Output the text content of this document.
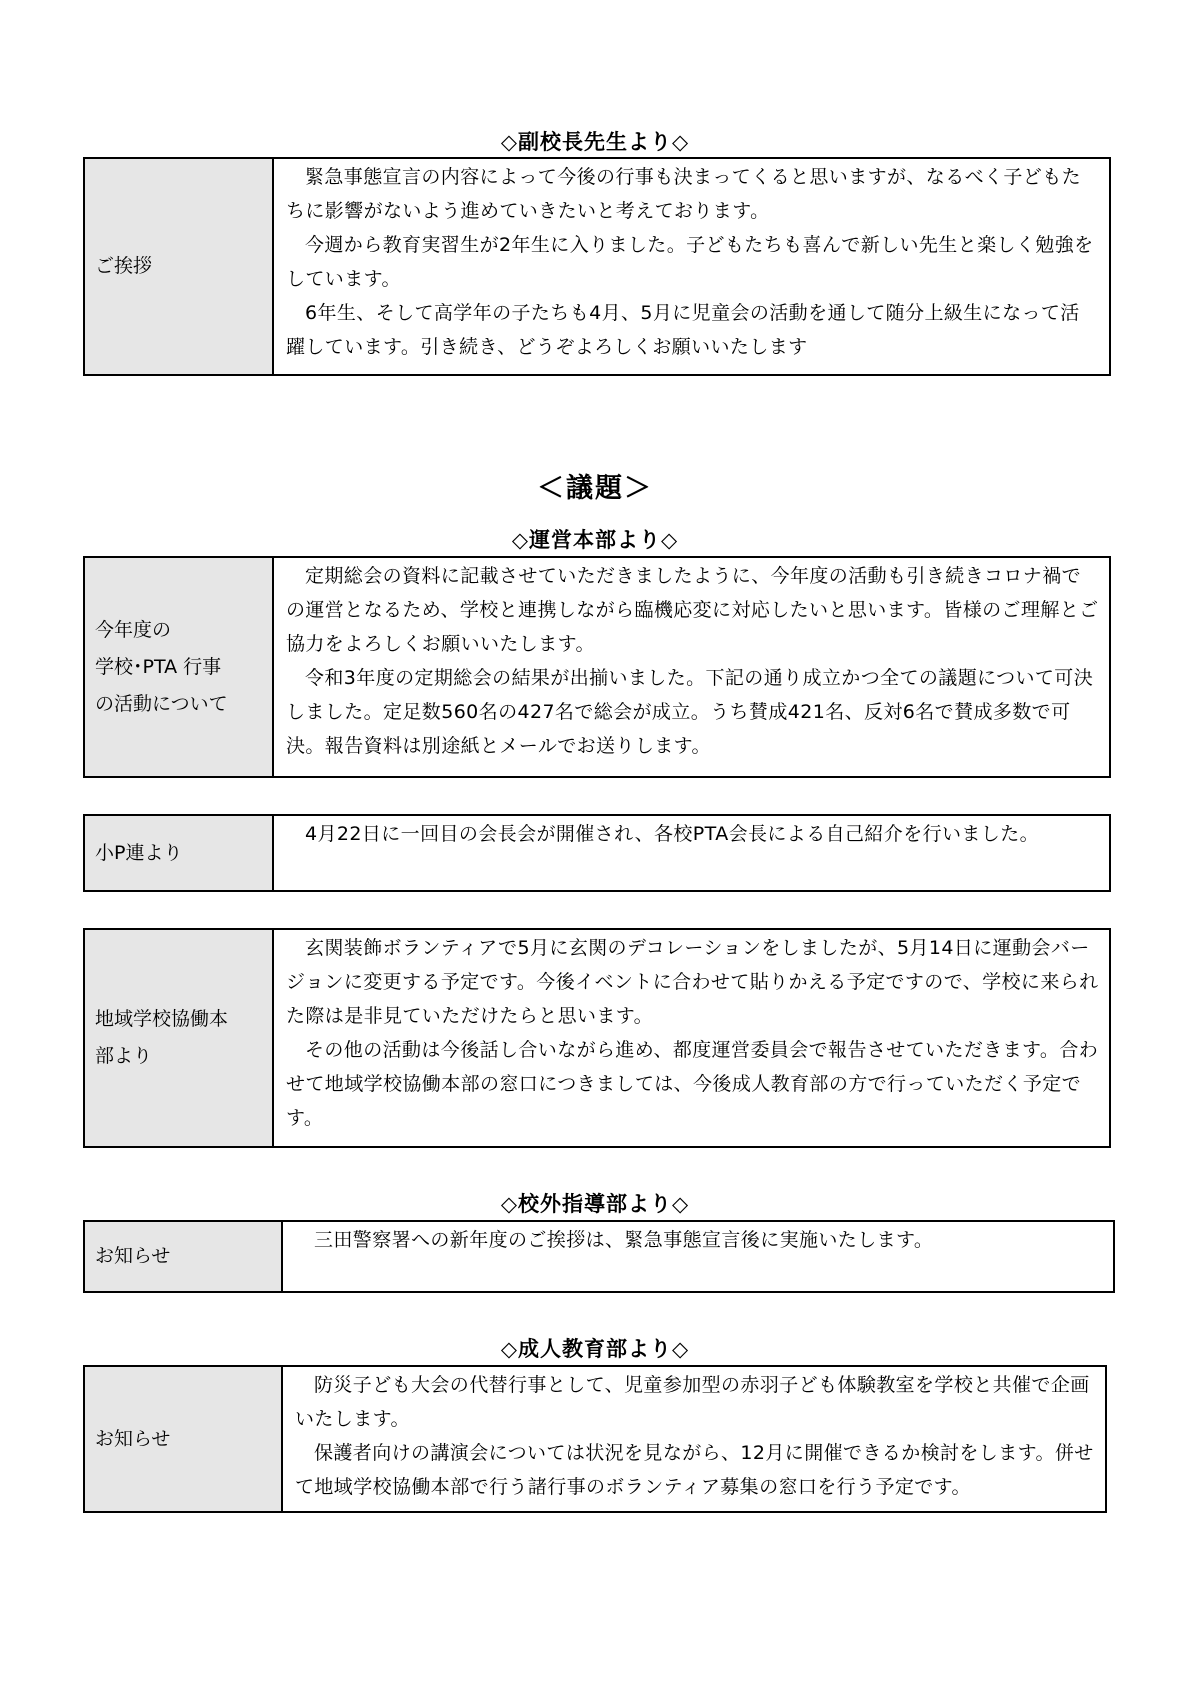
◇副校長先生より◇
ご挨拶

緊急事態宣言の内容によって今後の行事も決まってくると思いますが、なるべく子どもたちに影響がないよう進めていきたいと考えております。

今週から教育実習生が2年生に入りました。子どもたちも喜んで新しい先生と楽しく勉強をしています。

6年生、そして高学年の子たちも4月、5月に児童会の活動を通して随分上級生になって活躍しています。引き続き、どうぞよろしくお願いいたします

＜議題＞
◇運営本部より◇
今年度の
学校･PTA 行事
の活動について

定期総会の資料に記載させていただきましたように、今年度の活動も引き続きコロナ禍での運営となるため、学校と連携しながら臨機応変に対応したいと思います。皆様のご理解とご協力をよろしくお願いいたします。

令和3年度の定期総会の結果が出揃いました。下記の通り成立かつ全ての議題について可決しました。定足数560名の427名で総会が成立。うち賛成421名、反対6名で賛成多数で可決。報告資料は別途紙とメールでお送りします。

小P連より

4月22日に一回目の会長会が開催され、各校PTA会長による自己紹介を行いました。

地域学校協働本
部より

玄関装飾ボランティアで5月に玄関のデコレーションをしましたが、5月14日に運動会バージョンに変更する予定です。今後イベントに合わせて貼りかえる予定ですので、学校に来られた際は是非見ていただけたらと思います。

その他の活動は今後話し合いながら進め、都度運営委員会で報告させていただきます。合わせて地域学校協働本部の窓口につきましては、今後成人教育部の方で行っていただく予定です。

◇校外指導部より◇
お知らせ

三田警察署への新年度のご挨拶は、緊急事態宣言後に実施いたします。

◇成人教育部より◇
お知らせ

防災子ども大会の代替行事として、児童参加型の赤羽子ども体験教室を学校と共催で企画いたします。

保護者向けの講演会については状況を見ながら、12月に開催できるか検討をします。併せて地域学校協働本部で行う諸行事のボランティア募集の窓口を行う予定です。
